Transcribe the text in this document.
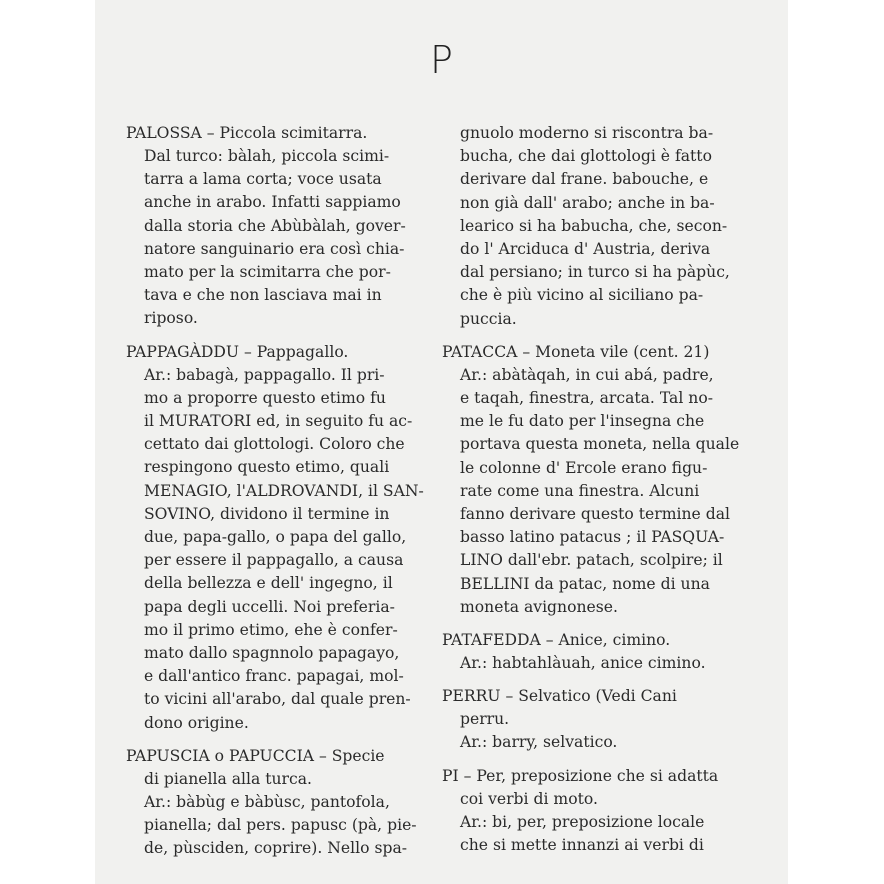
P
PALOSSA – Piccola scimitarra.
Dal turco: bàlah, piccola scimi-
tarra a lama corta; voce usata
anche in arabo. Infatti sappiamo
dalla storia che Abùbàlah, gover-
natore sanguinario era così chia-
mato per la scimitarra che por-
tava e che non lasciava mai in
riposo.
PAPPAGÀDDU – Pappagallo.
Ar.: babagà, pappagallo. Il pri-
mo a proporre questo etimo fu
il MURATORI ed, in seguito fu ac-
cettato dai glottologi. Coloro che
respingono questo etimo, quali
MENAGIO, l'ALDROVANDI, il SAN-
SOVINO, dividono il termine in
due, papa-gallo, o papa del gallo,
per essere il pappagallo, a causa
della bellezza e dell' ingegno, il
papa degli uccelli. Noi preferia-
mo il primo etimo, ehe è confer-
mato dallo spagnnolo papagayo,
e dall'antico franc. papagai, mol-
to vicini all'arabo, dal quale pren-
dono origine.
PAPUSCIA o PAPUCCIA – Specie
di pianella alla turca.
Ar.: bàbùg e bàbùsc, pantofola,
pianella; dal pers. papusc (pà, pie-
de, pùsciden, coprire). Nello spa-
gnuolo moderno si riscontra ba-
bucha, che dai glottologi è fatto
derivare dal frane. babouche, e
non già dall' arabo; anche in ba-
learico si ha babucha, che, secon-
do l' Arciduca d' Austria, deriva
dal persiano; in turco si ha pàpùc,
che è più vicino al siciliano pa-
puccia.
PATACCA – Moneta vile (cent. 21)
Ar.: abàtàqah, in cui abá, padre,
e taqah, finestra, arcata. Tal no-
me le fu dato per l'insegna che
portava questa moneta, nella quale
le colonne d' Ercole erano figu-
rate come una finestra. Alcuni
fanno derivare questo termine dal
basso latino patacus ; il PASQUA-
LINO dall'ebr. patach, scolpire; il
BELLINI da patac, nome di una
moneta avignonese.
PATAFEDDA – Anice, cimino.
Ar.: habtahlàuah, anice cimino.
PERRU – Selvatico (Vedi Cani
perru.
Ar.: barry, selvatico.
PI – Per, preposizione che si adatta
coi verbi di moto.
Ar.: bi, per, preposizione locale
che si mette innanzi ai verbi di
